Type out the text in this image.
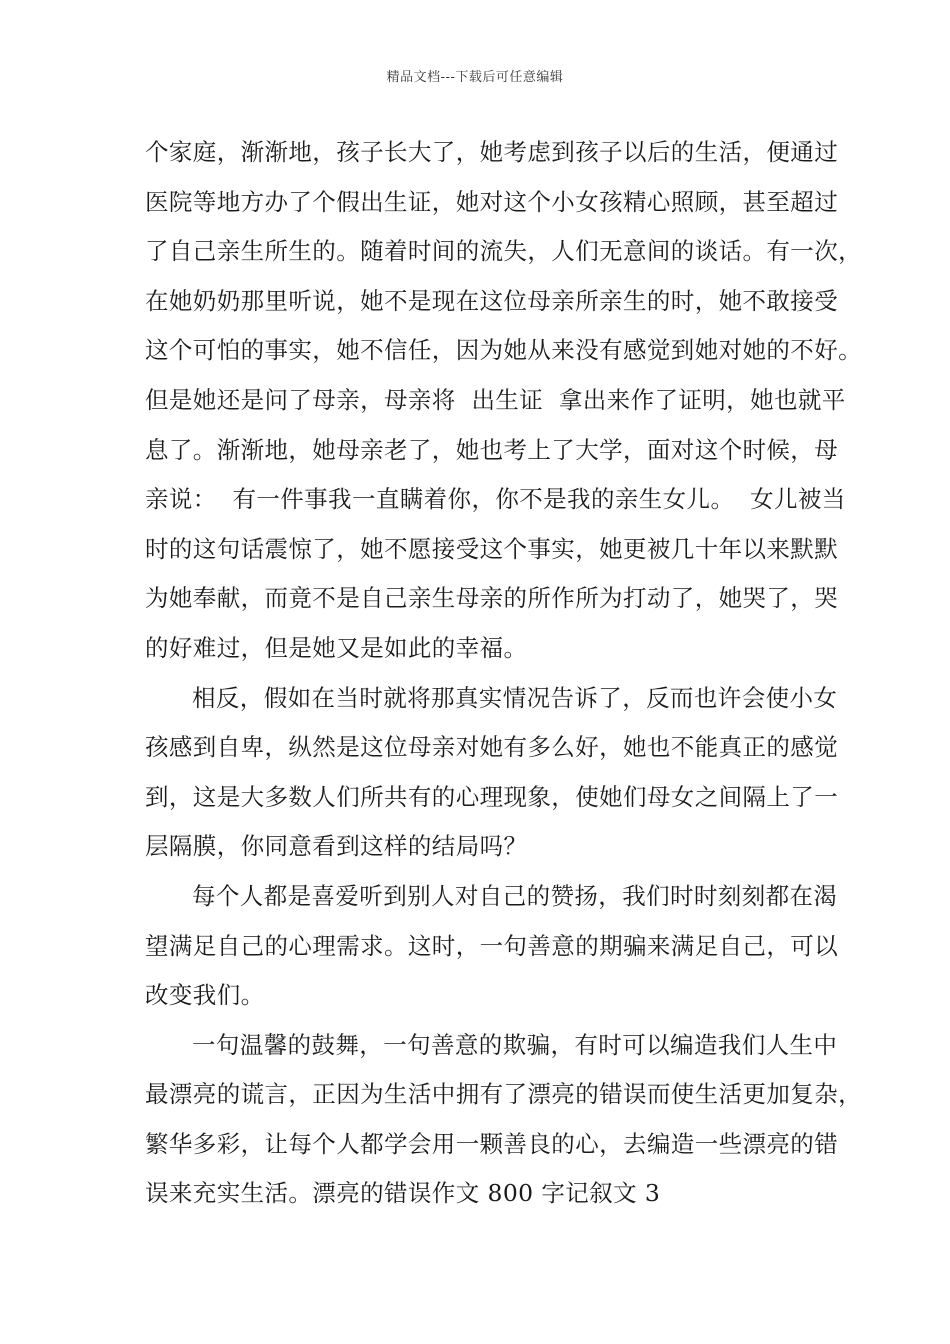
精品文档---下载后可任意编辑
个家庭，渐渐地，孩子长大了，她考虑到孩子以后的生活，便通过
医院等地方办了个假出生证，她对这个小女孩精心照顾，甚至超过
了自己亲生所生的。随着时间的流失，人们无意间的谈话。有一次，
在她奶奶那里听说，她不是现在这位母亲所亲生的时，她不敢接受
这个可怕的事实，她不信任，因为她从来没有感觉到她对她的不好。
但是她还是问了母亲，母亲将  出生证  拿出来作了证明，她也就平
息了。渐渐地，她母亲老了，她也考上了大学，面对这个时候，母
亲说：  有一件事我一直瞒着你，你不是我的亲生女儿。  女儿被当
时的这句话震惊了，她不愿接受这个事实，她更被几十年以来默默
为她奉献，而竟不是自己亲生母亲的所作所为打动了，她哭了，哭
的好难过，但是她又是如此的幸福。
相反，假如在当时就将那真实情况告诉了，反而也许会使小女
孩感到自卑，纵然是这位母亲对她有多么好，她也不能真正的感觉
到，这是大多数人们所共有的心理现象，使她们母女之间隔上了一
层隔膜，你同意看到这样的结局吗？
每个人都是喜爱听到别人对自己的赞扬，我们时时刻刻都在渴
望满足自己的心理需求。这时，一句善意的期骗来满足自己，可以
改变我们。
一句温馨的鼓舞，一句善意的欺骗，有时可以编造我们人生中
最漂亮的谎言，正因为生活中拥有了漂亮的错误而使生活更加复杂，
繁华多彩，让每个人都学会用一颗善良的心，去编造一些漂亮的错
误来充实生活。漂亮的错误作文 800 字记叙文 3
